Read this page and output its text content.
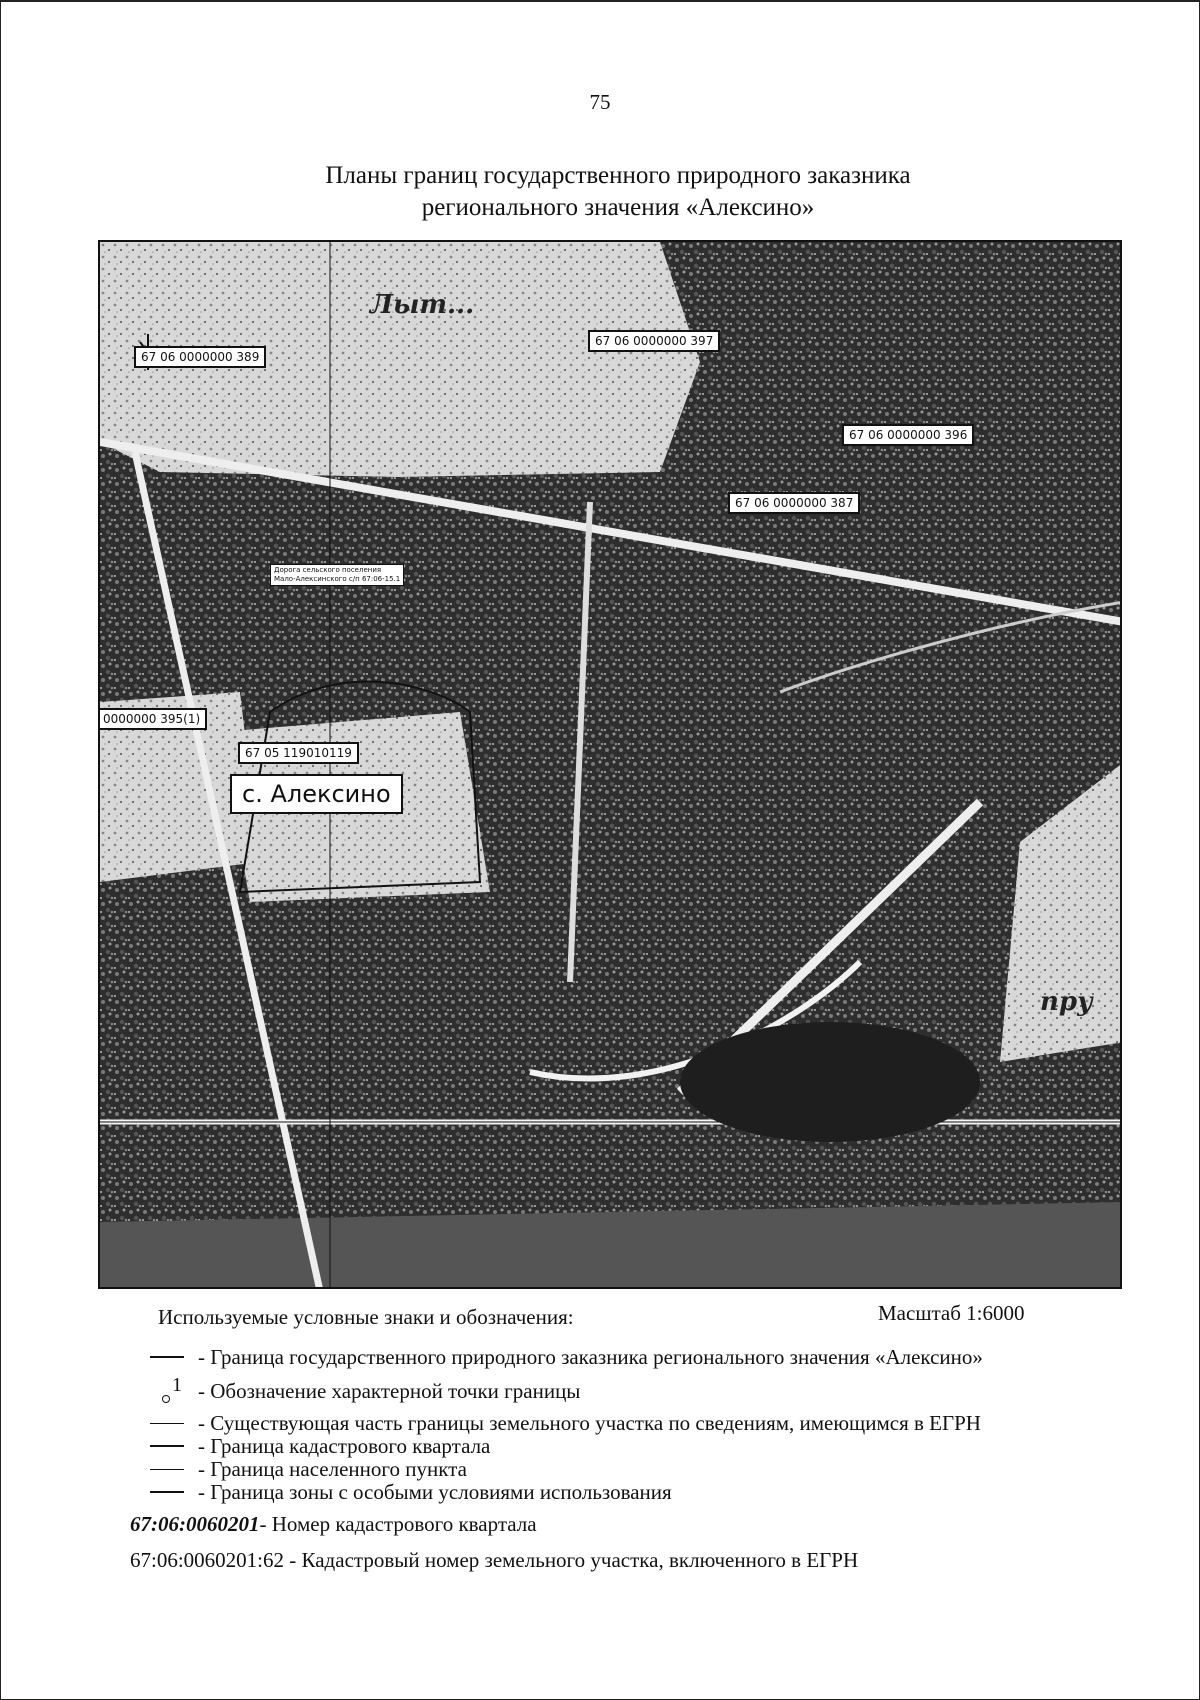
75
Планы границ государственного природного заказника
регионального значения «Алексино»
Лыт...
пру
67 06 0000000 389
67 06 0000000 397
67 06 0000000 396
67 06 0000000 387
0000000 395(1)
67 05 119010119
Дорога сельского поселения
Мало-Алексинского с/п 67:06-15.1
с. Алексино
Используемые условные знаки и обозначения:	Масштаб 1:6000
- Граница государственного природного заказника регионального значения «Алексино»
1 - Обозначение характерной точки границы
- Существующая часть границы земельного участка по сведениям, имеющимся в ЕГРН
- Граница кадастрового квартала
- Граница населенного пункта
- Граница зоны с особыми условиями использования
67:06:0060201- Номер кадастрового квартала
67:06:0060201:62 - Кадастровый номер земельного участка, включенного в ЕГРН
